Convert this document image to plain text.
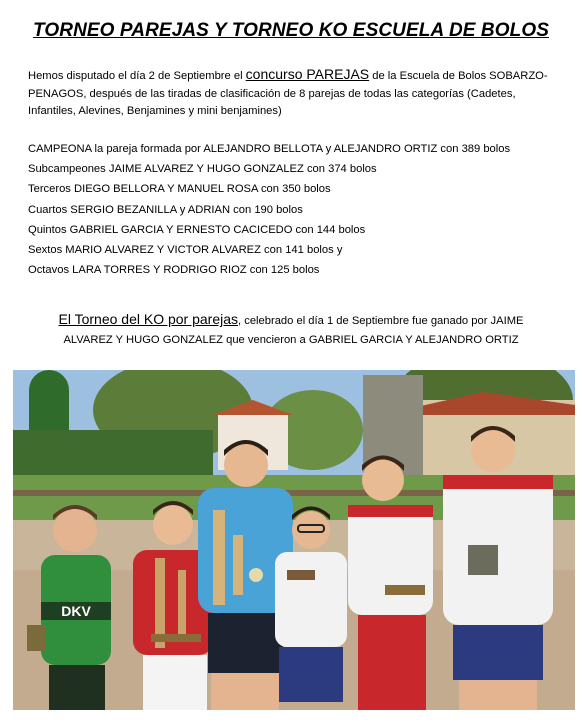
TORNEO PAREJAS Y TORNEO KO ESCUELA DE BOLOS
Hemos disputado el día 2 de Septiembre el concurso PAREJAS de la Escuela de Bolos SOBARZO-PENAGOS, después de las tiradas de clasificación de 8 parejas de todas las categorías (Cadetes, Infantiles, Alevines, Benjamines y mini benjamines)
CAMPEONA la pareja formada por ALEJANDRO BELLOTA y ALEJANDRO ORTIZ con 389 bolos
Subcampeones JAIME ALVAREZ Y HUGO GONZALEZ con 374 bolos
Terceros DIEGO BELLORA Y MANUEL ROSA con 350 bolos
Cuartos SERGIO BEZANILLA y ADRIAN con 190 bolos
Quintos GABRIEL GARCIA Y ERNESTO CACICEDO con 144 bolos
Sextos MARIO ALVAREZ Y VICTOR ALVAREZ con 141 bolos y
Octavos LARA TORRES Y RODRIGO RIOZ con 125 bolos
El Torneo del KO por parejas, celebrado el día 1 de Septiembre fue ganado por JAIME
ALVAREZ Y HUGO GONZALEZ que vencieron a GABRIEL GARCIA Y ALEJANDRO ORTIZ
DKV
